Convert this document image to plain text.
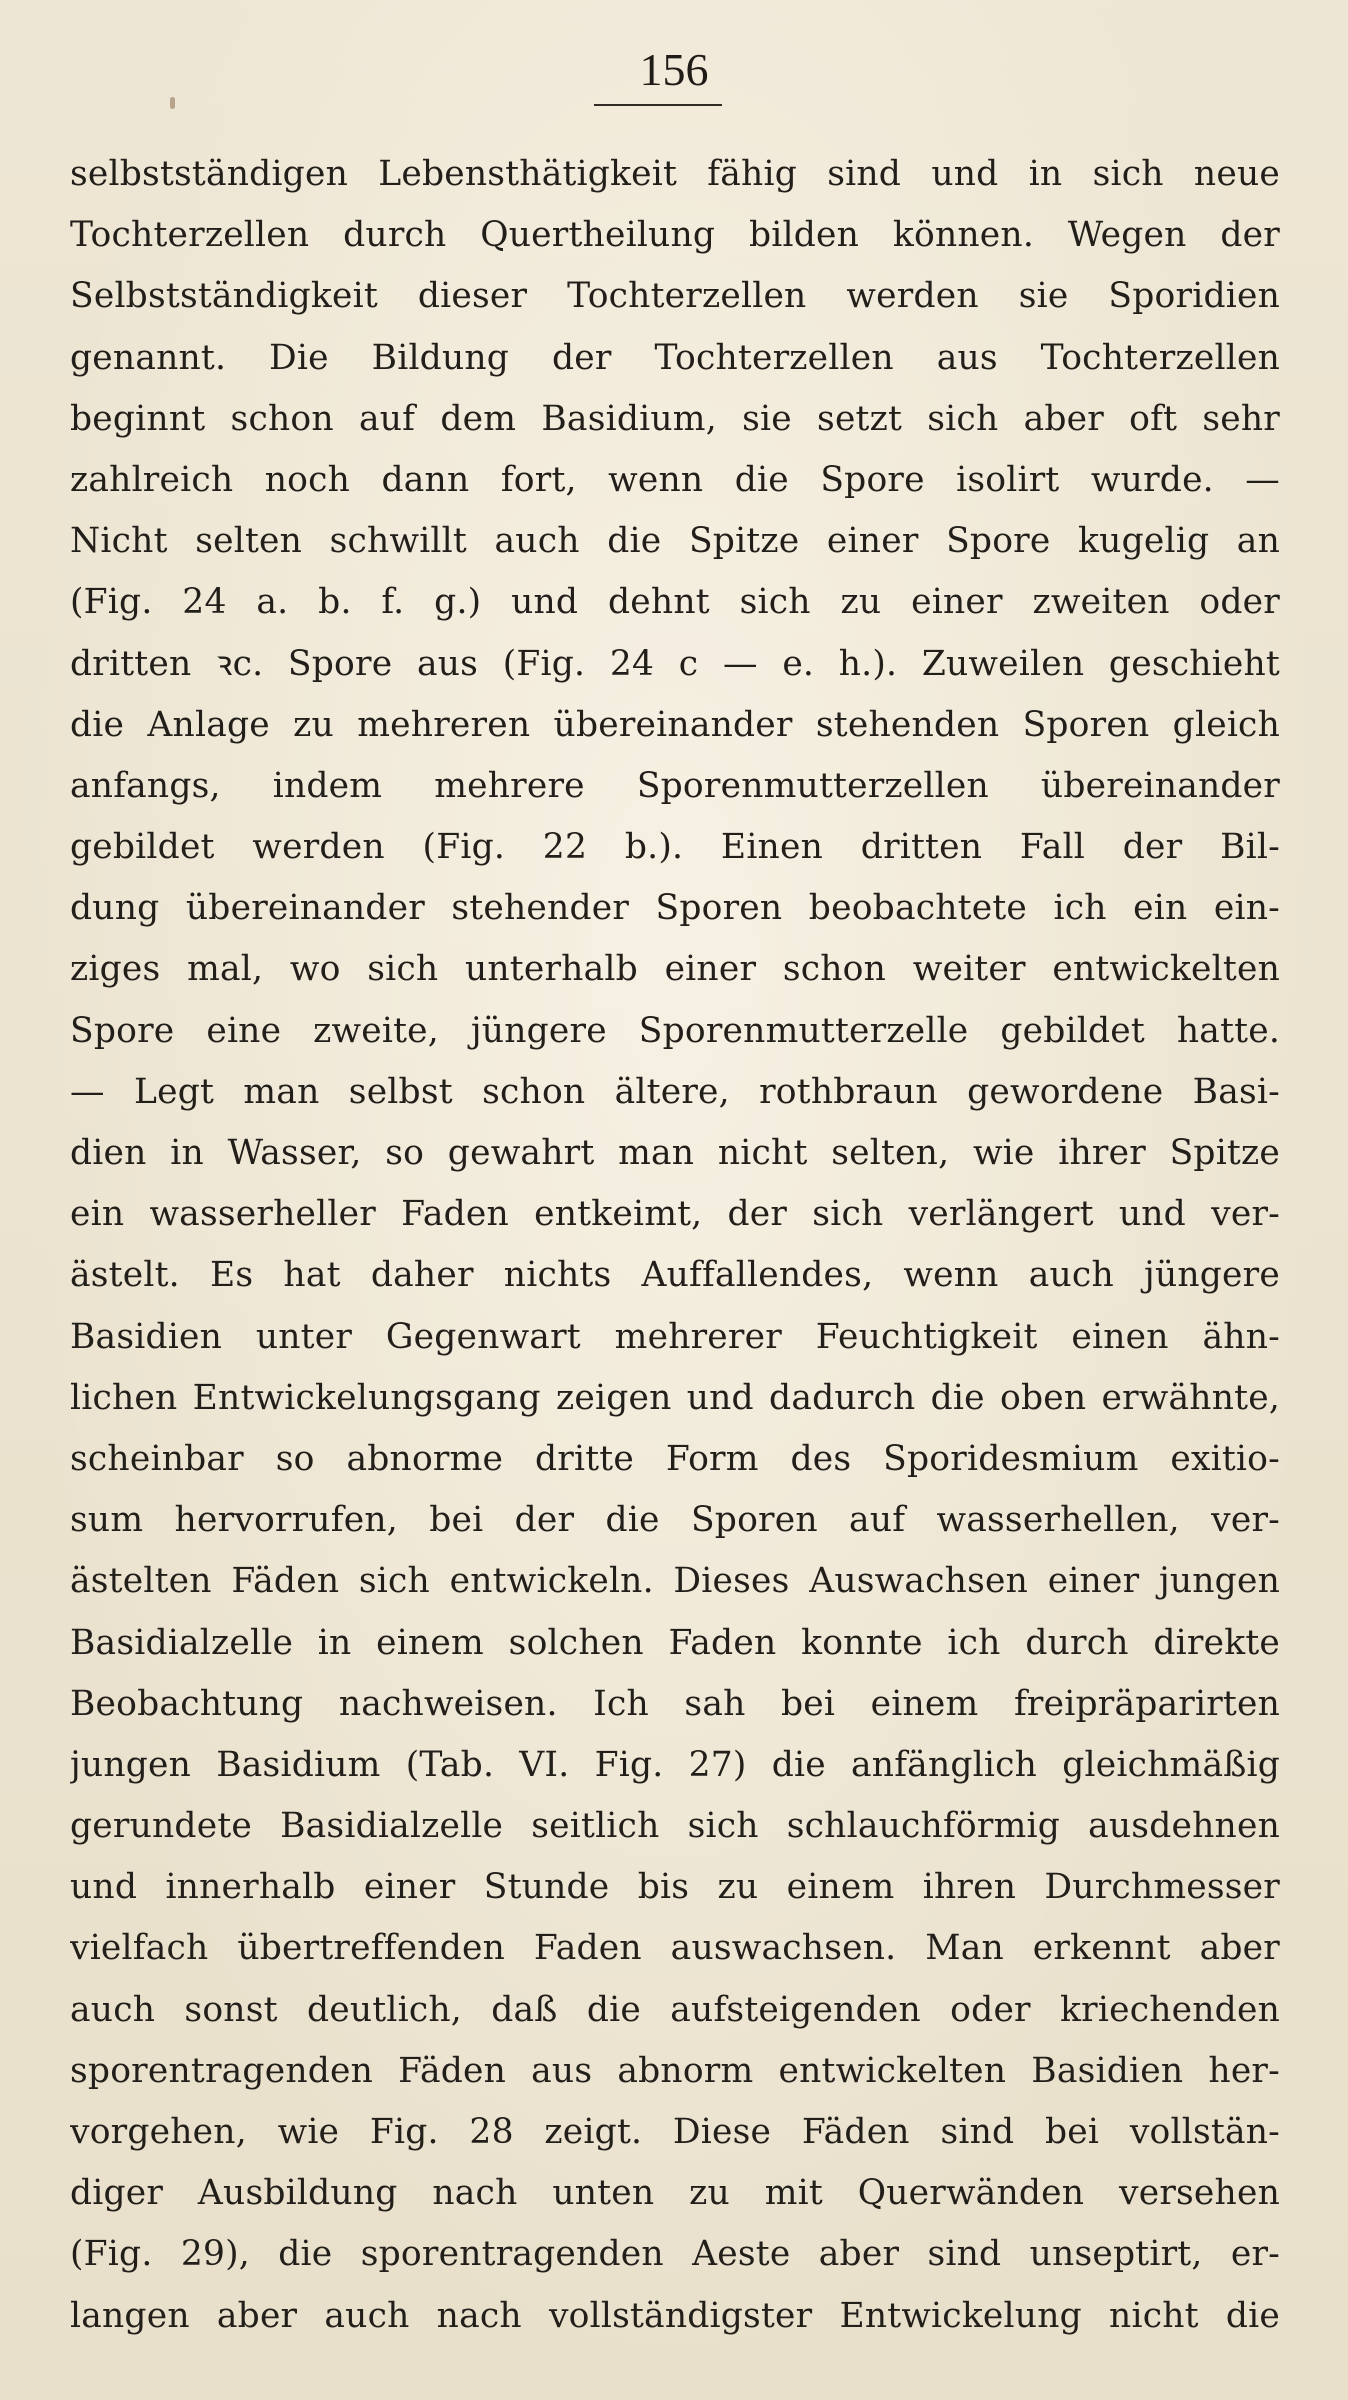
156
selbstständigen Lebensthätigkeit fähig sind und in sich neue
Tochterzellen durch Quertheilung bilden können. Wegen der
Selbstständigkeit dieser Tochterzellen werden sie Sporidien
genannt. Die Bildung der Tochterzellen aus Tochterzellen
beginnt schon auf dem Basidium, sie setzt sich aber oft sehr
zahlreich noch dann fort, wenn die Spore isolirt wurde. —
Nicht selten schwillt auch die Spitze einer Spore kugelig an
(Fig. 24 a. b. f. g.) und dehnt sich zu einer zweiten oder
dritten ꝛc. Spore aus (Fig. 24 c — e. h.). Zuweilen geschieht
die Anlage zu mehreren übereinander stehenden Sporen gleich
anfangs, indem mehrere Sporenmutterzellen übereinander
gebildet werden (Fig. 22 b.). Einen dritten Fall der Bil-
dung übereinander stehender Sporen beobachtete ich ein ein-
ziges mal, wo sich unterhalb einer schon weiter entwickelten
Spore eine zweite, jüngere Sporenmutterzelle gebildet hatte.
— Legt man selbst schon ältere, rothbraun gewordene Basi-
dien in Wasser, so gewahrt man nicht selten, wie ihrer Spitze
ein wasserheller Faden entkeimt, der sich verlängert und ver-
ästelt. Es hat daher nichts Auffallendes, wenn auch jüngere
Basidien unter Gegenwart mehrerer Feuchtigkeit einen ähn-
lichen Entwickelungsgang zeigen und dadurch die oben erwähnte,
scheinbar so abnorme dritte Form des Sporidesmium exitio-
sum hervorrufen, bei der die Sporen auf wasserhellen, ver-
ästelten Fäden sich entwickeln. Dieses Auswachsen einer jungen
Basidialzelle in einem solchen Faden konnte ich durch direkte
Beobachtung nachweisen. Ich sah bei einem freipräparirten
jungen Basidium (Tab. VI. Fig. 27) die anfänglich gleichmäßig
gerundete Basidialzelle seitlich sich schlauchförmig ausdehnen
und innerhalb einer Stunde bis zu einem ihren Durchmesser
vielfach übertreffenden Faden auswachsen. Man erkennt aber
auch sonst deutlich, daß die aufsteigenden oder kriechenden
sporentragenden Fäden aus abnorm entwickelten Basidien her-
vorgehen, wie Fig. 28 zeigt. Diese Fäden sind bei vollstän-
diger Ausbildung nach unten zu mit Querwänden versehen
(Fig. 29), die sporentragenden Aeste aber sind unseptirt, er-
langen aber auch nach vollständigster Entwickelung nicht die
